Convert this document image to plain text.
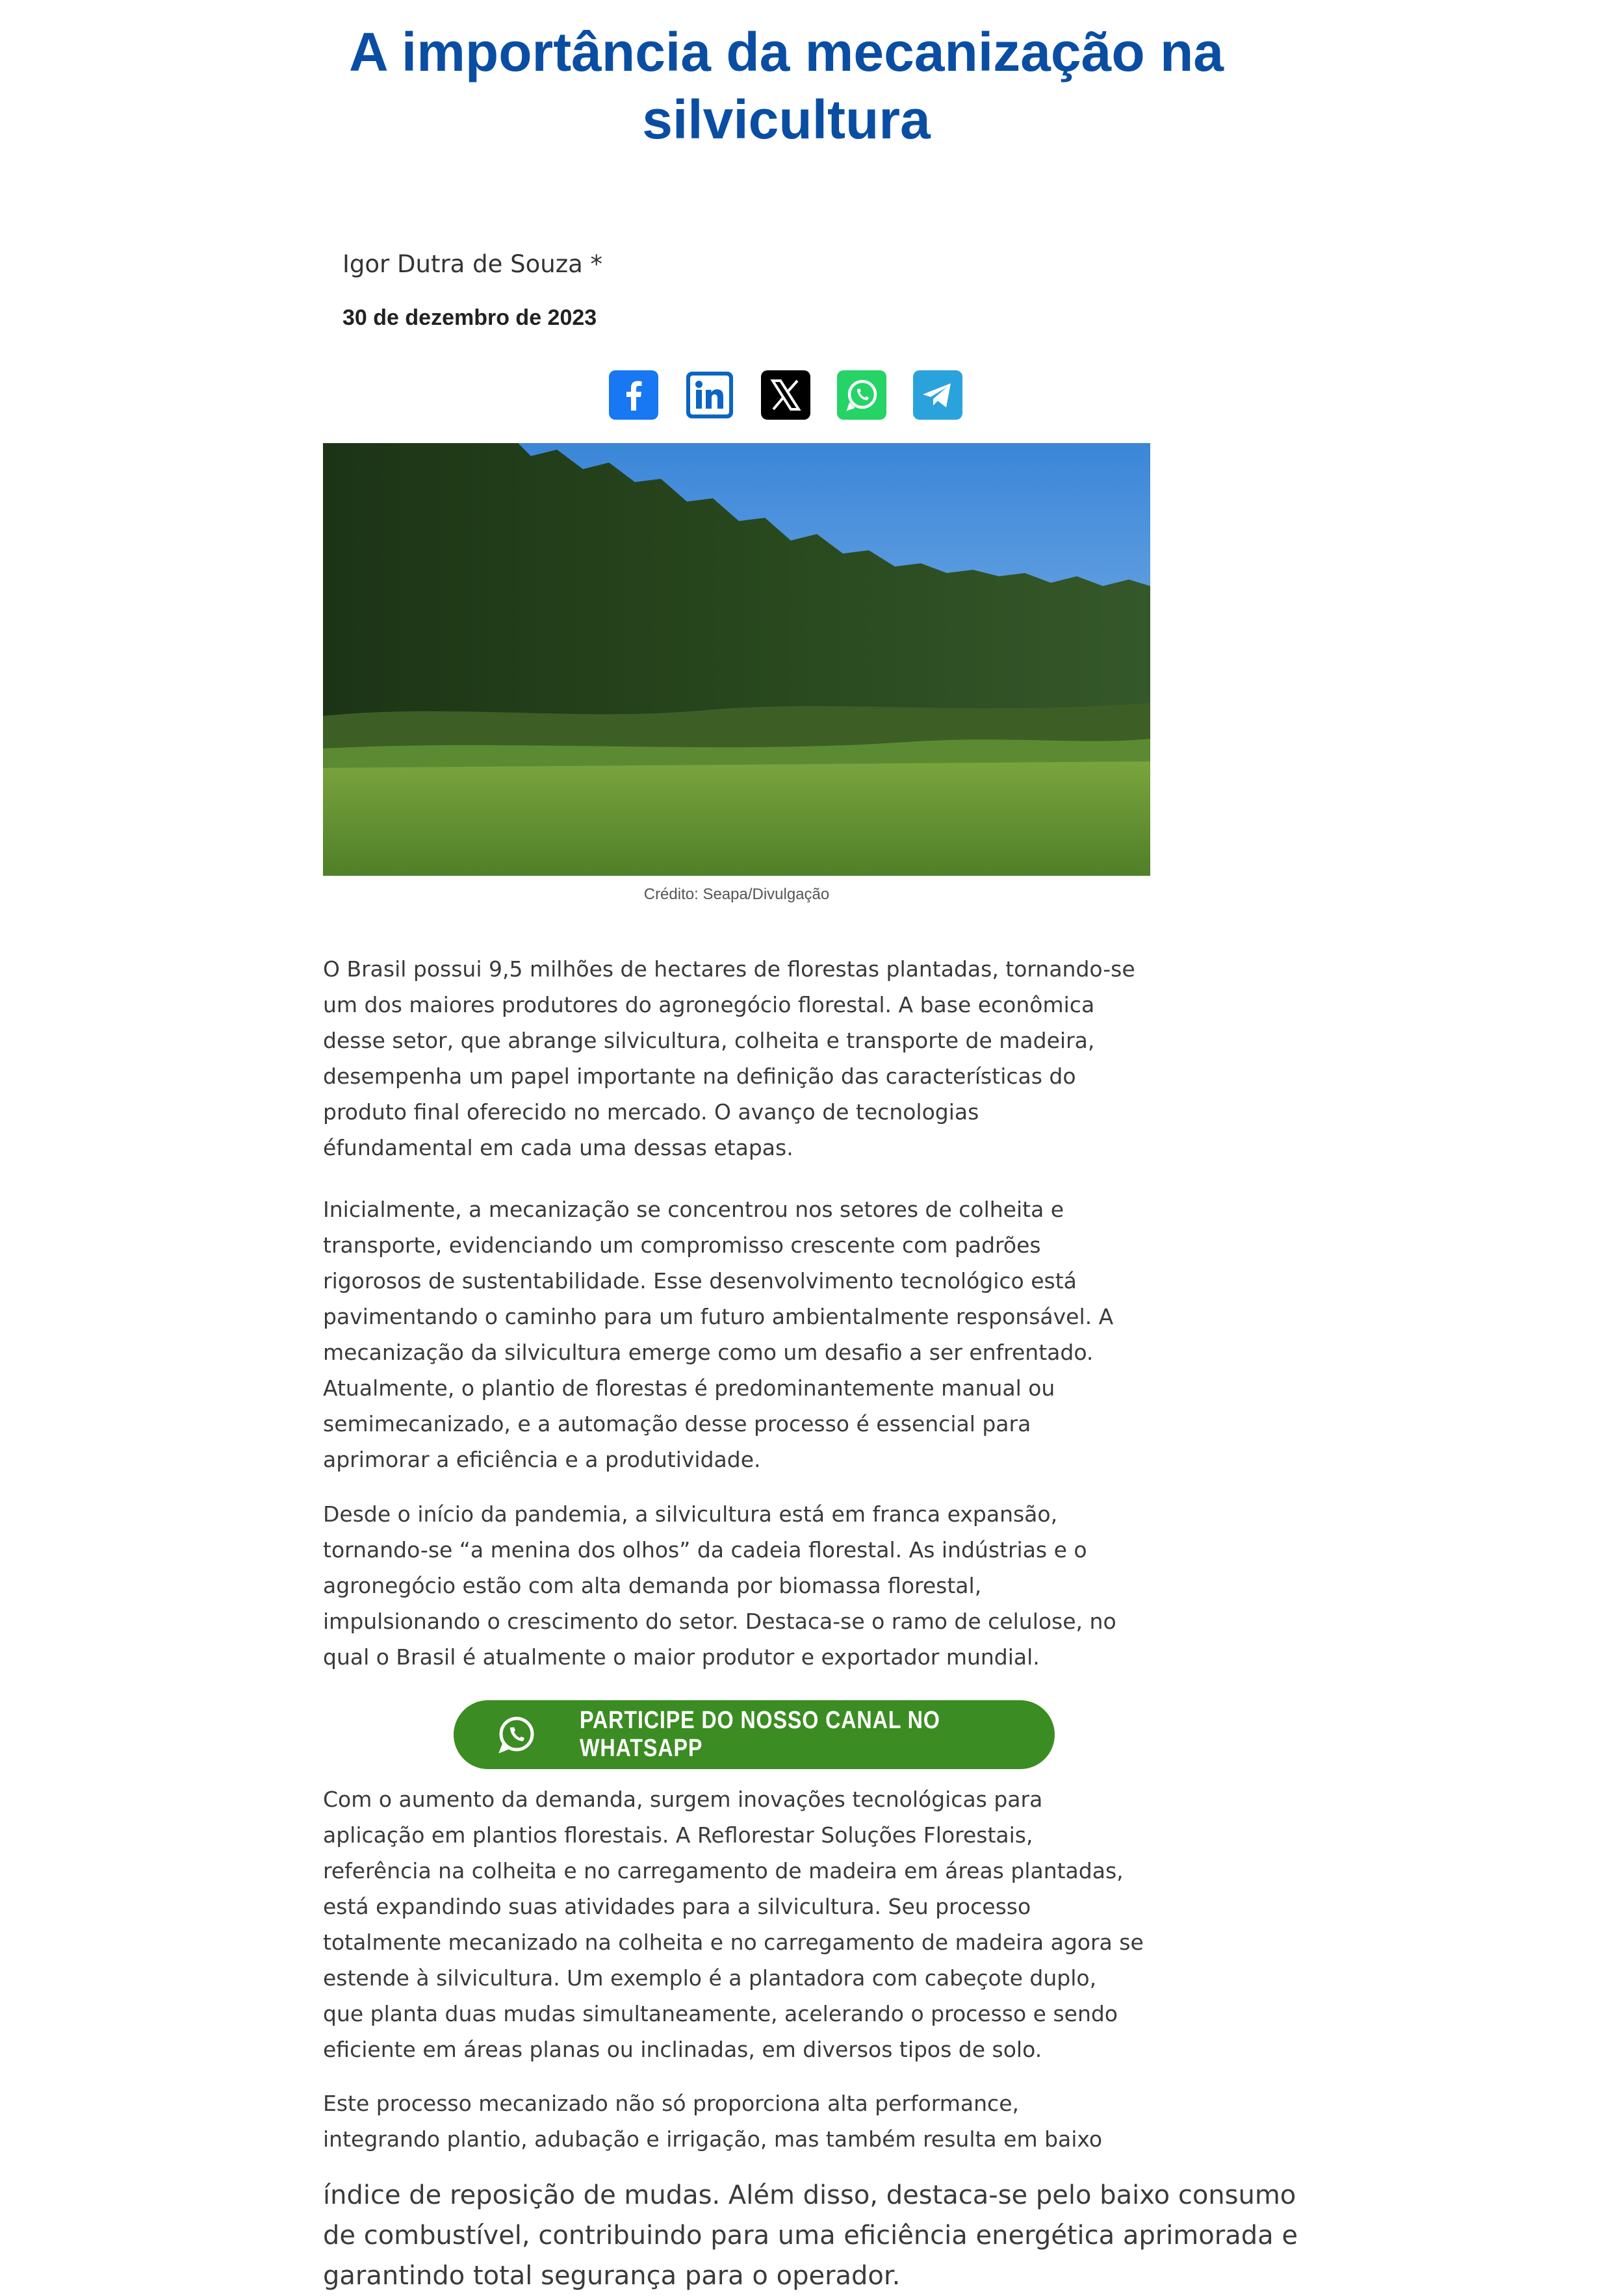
A importância da mecanização na silvicultura
Igor Dutra de Souza *
30 de dezembro de 2023
Crédito: Seapa/Divulgação

O Brasil possui 9,5 milhões de hectares de florestas plantadas, tornando-se
um dos maiores produtores do agronegócio florestal. A base econômica
desse setor, que abrange silvicultura, colheita e transporte de madeira,
desempenha um papel importante na definição das características do
produto final oferecido no mercado. O avanço de tecnologias
éfundamental em cada uma dessas etapas.

Inicialmente, a mecanização se concentrou nos setores de colheita e
transporte, evidenciando um compromisso crescente com padrões
rigorosos de sustentabilidade. Esse desenvolvimento tecnológico está
pavimentando o caminho para um futuro ambientalmente responsável. A
mecanização da silvicultura emerge como um desafio a ser enfrentado.
Atualmente, o plantio de florestas é predominantemente manual ou
semimecanizado, e a automação desse processo é essencial para
aprimorar a eficiência e a produtividade.

Desde o início da pandemia, a silvicultura está em franca expansão,
tornando-se “a menina dos olhos” da cadeia florestal. As indústrias e o
agronegócio estão com alta demanda por biomassa florestal,
impulsionando o crescimento do setor. Destaca-se o ramo de celulose, no
qual o Brasil é atualmente o maior produtor e exportador mundial.

PARTICIPE DO NOSSO CANAL NO WHATSAPP

Com o aumento da demanda, surgem inovações tecnológicas para
aplicação em plantios florestais. A Reflorestar Soluções Florestais,
referência na colheita e no carregamento de madeira em áreas plantadas,
está expandindo suas atividades para a silvicultura. Seu processo
totalmente mecanizado na colheita e no carregamento de madeira agora se
estende à silvicultura. Um exemplo é a plantadora com cabeçote duplo,
que planta duas mudas simultaneamente, acelerando o processo e sendo
eficiente em áreas planas ou inclinadas, em diversos tipos de solo.

Este processo mecanizado não só proporciona alta performance,
integrando plantio, adubação e irrigação, mas também resulta em baixo

índice de reposição de mudas. Além disso, destaca-se pelo baixo consumo
de combustível, contribuindo para uma eficiência energética aprimorada e
garantindo total segurança para o operador.
